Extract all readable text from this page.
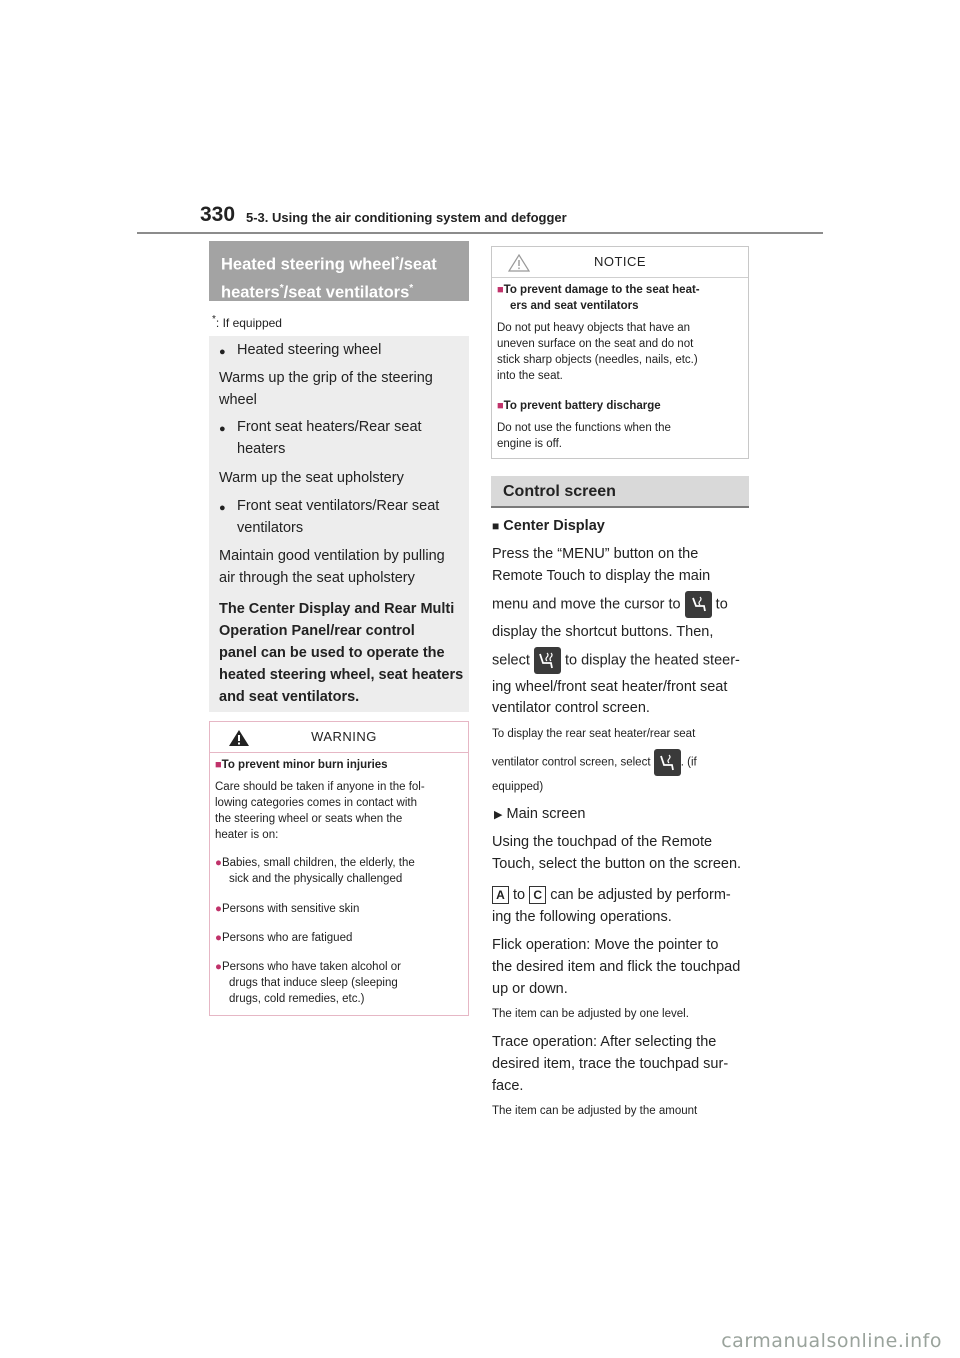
330 5-3. Using the air conditioning system and defogger
Heated steering wheel*/seat heaters*/seat ventilators*
*: If equipped
● Heated steering wheel
Warms up the grip of the steering
wheel
● Front seat heaters/Rear seat
heaters
Warm up the seat upholstery
● Front seat ventilators/Rear seat
ventilators
Maintain good ventilation by pulling
air through the seat upholstery
The Center Display and Rear Multi
Operation Panel/rear control
panel can be used to operate the
heated steering wheel, seat heaters
and seat ventilators.
WARNING
■To prevent minor burn injuries
Care should be taken if anyone in the fol-
lowing categories comes in contact with
the steering wheel or seats when the
heater is on:
●Babies, small children, the elderly, the
sick and the physically challenged
●Persons with sensitive skin
●Persons who are fatigued
●Persons who have taken alcohol or
drugs that induce sleep (sleeping
drugs, cold remedies, etc.)
NOTICE
■To prevent damage to the seat heat-
ers and seat ventilators
Do not put heavy objects that have an
uneven surface on the seat and do not
stick sharp objects (needles, nails, etc.)
into the seat.
■To prevent battery discharge
Do not use the functions when the
engine is off.
Control screen
■ Center Display
Press the “MENU” button on the
Remote Touch to display the main
menu and move the cursor to to
display the shortcut buttons. Then,
select to display the heated steer-
ing wheel/front seat heater/front seat
ventilator control screen.
To display the rear seat heater/rear seat
ventilator control screen, select	. (if
equipped)
▶ Main screen
Using the touchpad of the Remote
Touch, select the button on the screen.
A to C can be adjusted by perform-
ing the following operations.
Flick operation: Move the pointer to
the desired item and flick the touchpad
up or down.
The item can be adjusted by one level.
Trace operation: After selecting the
desired item, trace the touchpad sur-
face.
The item can be adjusted by the amount
carmanualsonline.info
